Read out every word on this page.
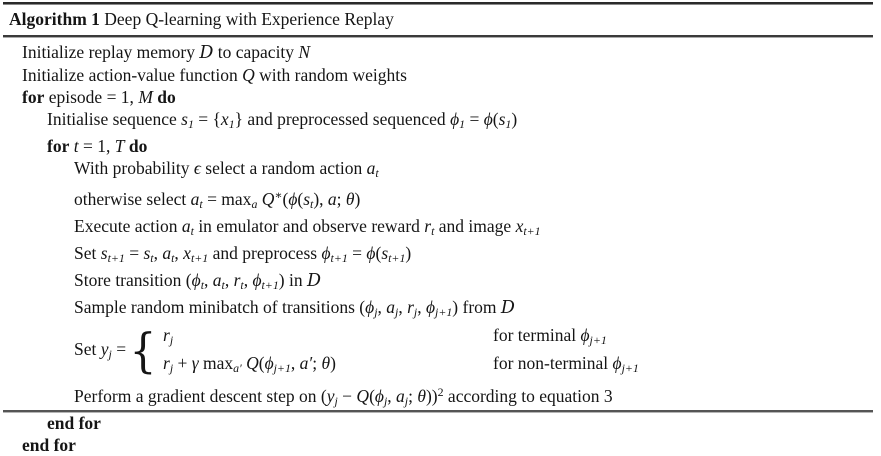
Algorithm 1 Deep Q-learning with Experience Replay
Initialize replay memory D to capacity N
Initialize action-value function Q with random weights
for episode = 1, M do
Initialise sequence s1 = {x1} and preprocessed sequenced ϕ1 = ϕ(s1)
for t = 1, T do
With probability ϵ select a random action at
otherwise select at = maxa Q∗(ϕ(st), a; θ)
Execute action at in emulator and observe reward rt and image xt+1
Set st+1 = st, at, xt+1 and preprocess ϕt+1 = ϕ(st+1)
Store transition (ϕt, at, rt, ϕt+1) in D
Sample random minibatch of transitions (ϕj, aj, rj, ϕj+1) from D
Set yj = { rj	for terminal ϕj+1
rj + γ maxa′ Q(ϕj+1, a′; θ)	for non-terminal ϕj+1
Perform a gradient descent step on (yj − Q(ϕj, aj; θ))$^2$ according to equation 3
end for
end for
